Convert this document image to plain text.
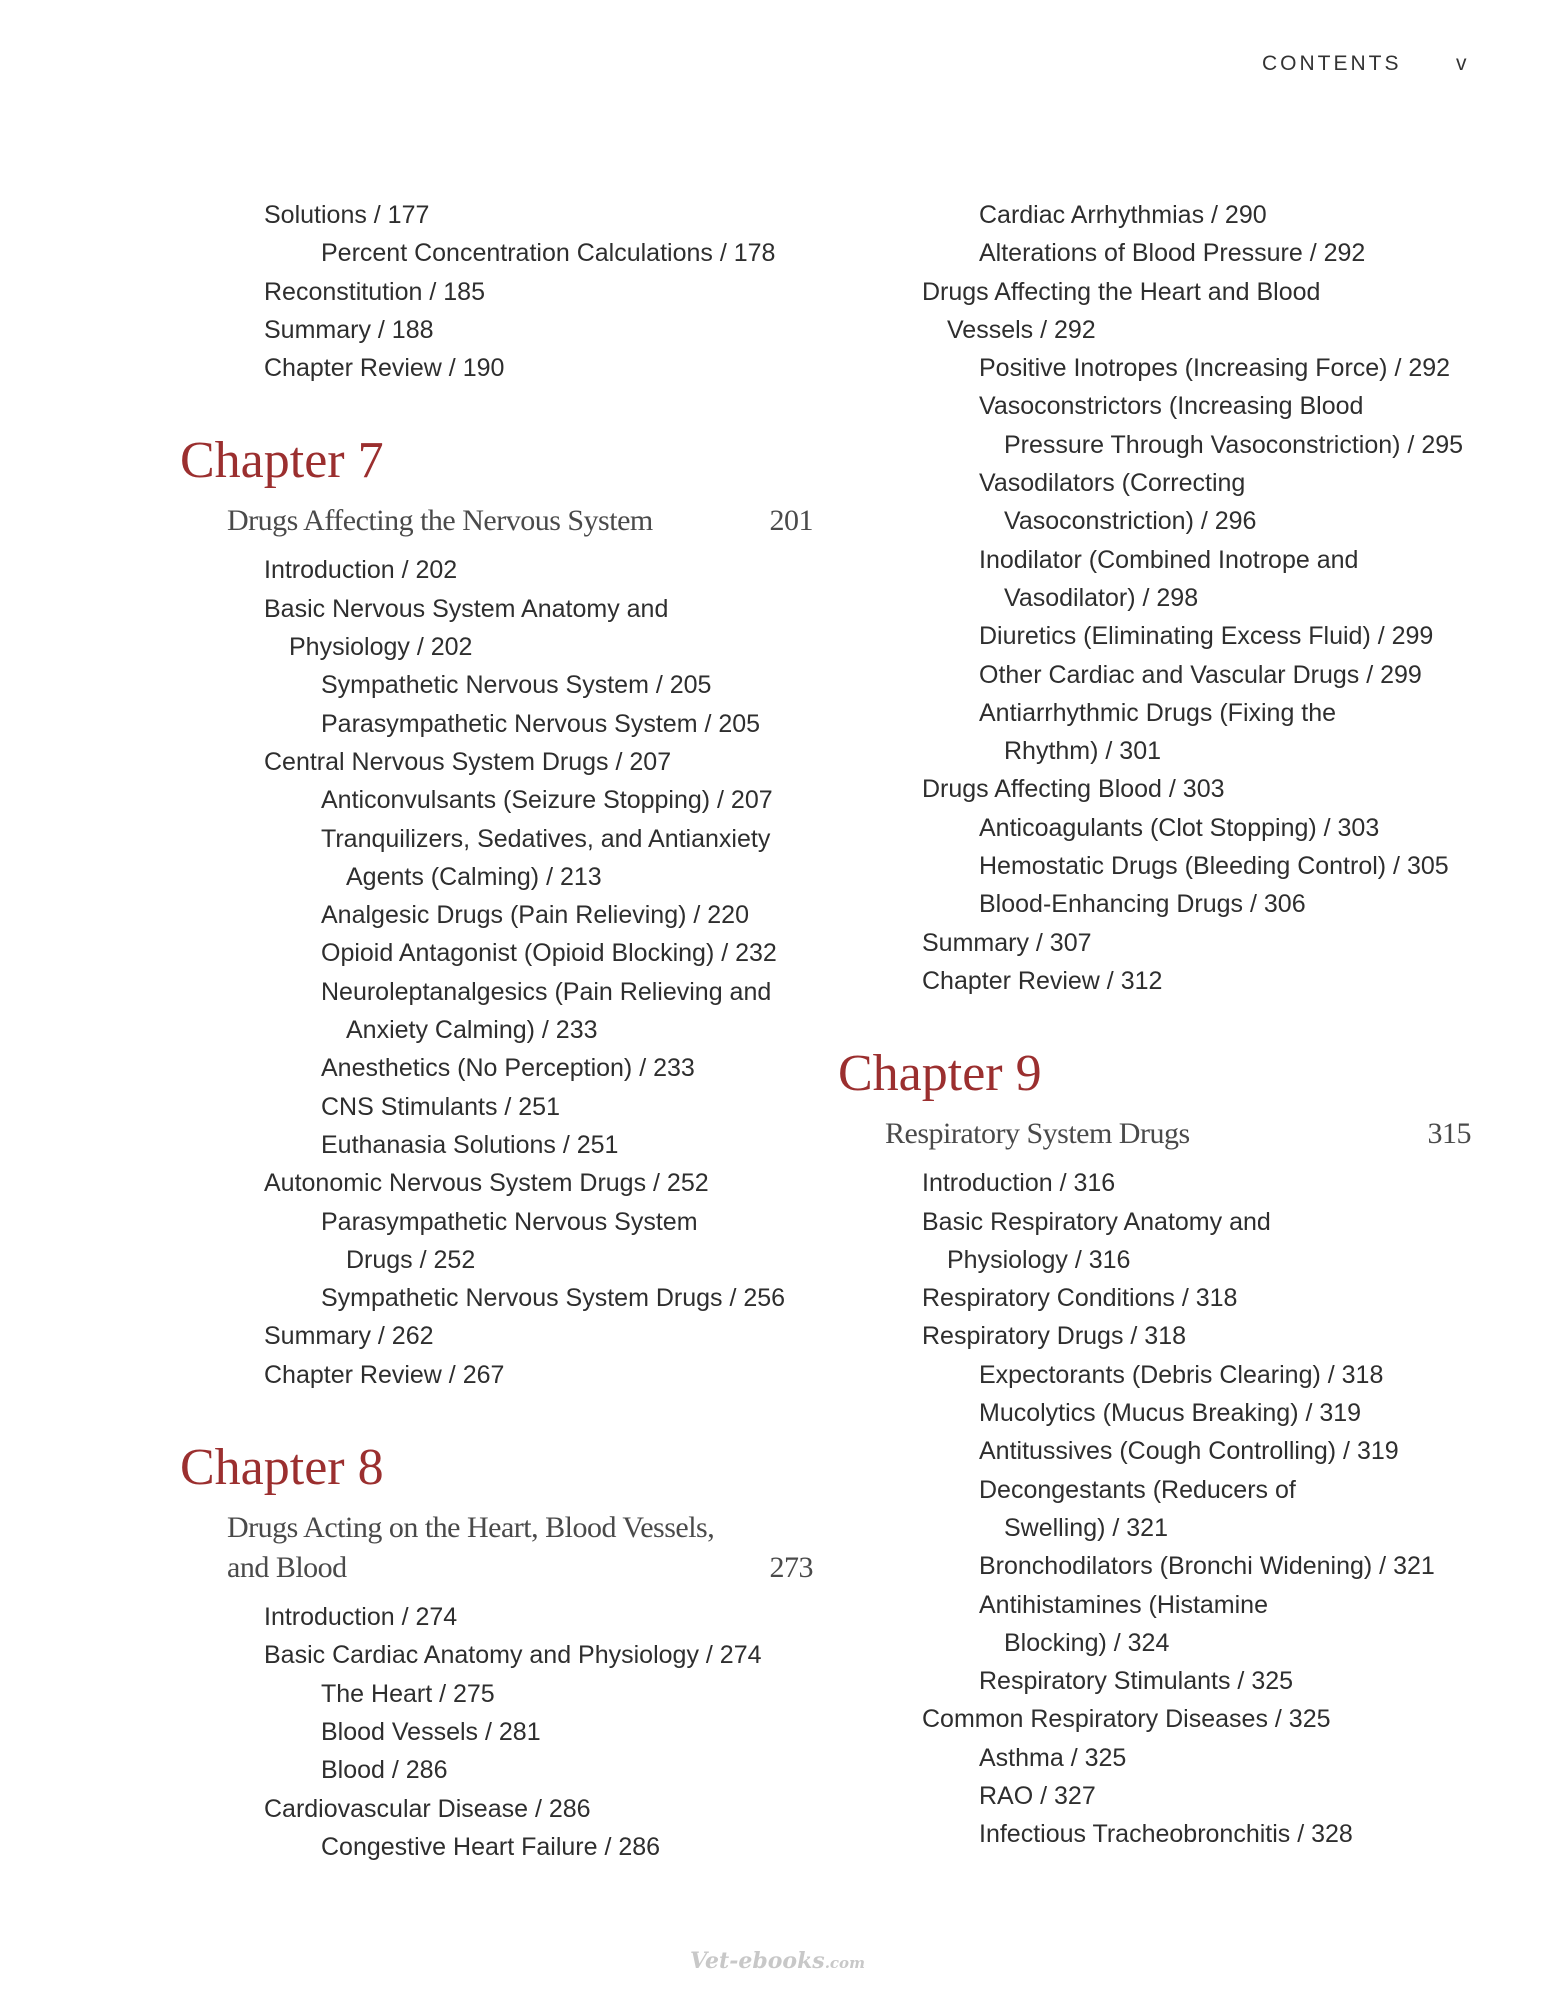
CONTENTS	v
Solutions / 177
Percent Concentration Calculations / 178
Reconstitution / 185
Summary / 188
Chapter Review / 190
Chapter 7
Drugs Affecting the Nervous System	201
Introduction / 202
Basic Nervous System Anatomy and
Physiology / 202
Sympathetic Nervous System / 205
Parasympathetic Nervous System / 205
Central Nervous System Drugs / 207
Anticonvulsants (Seizure Stopping) / 207
Tranquilizers, Sedatives, and Antianxiety
Agents (Calming) / 213
Analgesic Drugs (Pain Relieving) / 220
Opioid Antagonist (Opioid Blocking) / 232
Neuroleptanalgesics (Pain Relieving and
Anxiety Calming) / 233
Anesthetics (No Perception) / 233
CNS Stimulants / 251
Euthanasia Solutions / 251
Autonomic Nervous System Drugs / 252
Parasympathetic Nervous System
Drugs / 252
Sympathetic Nervous System Drugs / 256
Summary / 262
Chapter Review / 267
Chapter 8
Drugs Acting on the Heart, Blood Vessels,
and Blood	273
Introduction / 274
Basic Cardiac Anatomy and Physiology / 274
The Heart / 275
Blood Vessels / 281
Blood / 286
Cardiovascular Disease / 286
Congestive Heart Failure / 286
Cardiac Arrhythmias / 290
Alterations of Blood Pressure / 292
Drugs Affecting the Heart and Blood
Vessels / 292
Positive Inotropes (Increasing Force) / 292
Vasoconstrictors (Increasing Blood
Pressure Through Vasoconstriction) / 295
Vasodilators (Correcting
Vasoconstriction) / 296
Inodilator (Combined Inotrope and
Vasodilator) / 298
Diuretics (Eliminating Excess Fluid) / 299
Other Cardiac and Vascular Drugs / 299
Antiarrhythmic Drugs (Fixing the
Rhythm) / 301
Drugs Affecting Blood / 303
Anticoagulants (Clot Stopping) / 303
Hemostatic Drugs (Bleeding Control) / 305
Blood-Enhancing Drugs / 306
Summary / 307
Chapter Review / 312
Chapter 9
Respiratory System Drugs	315
Introduction / 316
Basic Respiratory Anatomy and
Physiology / 316
Respiratory Conditions / 318
Respiratory Drugs / 318
Expectorants (Debris Clearing) / 318
Mucolytics (Mucus Breaking) / 319
Antitussives (Cough Controlling) / 319
Decongestants (Reducers of
Swelling) / 321
Bronchodilators (Bronchi Widening) / 321
Antihistamines (Histamine
Blocking) / 324
Respiratory Stimulants / 325
Common Respiratory Diseases / 325
Asthma / 325
RAO / 327
Infectious Tracheobronchitis / 328
Vet-ebooks.com
